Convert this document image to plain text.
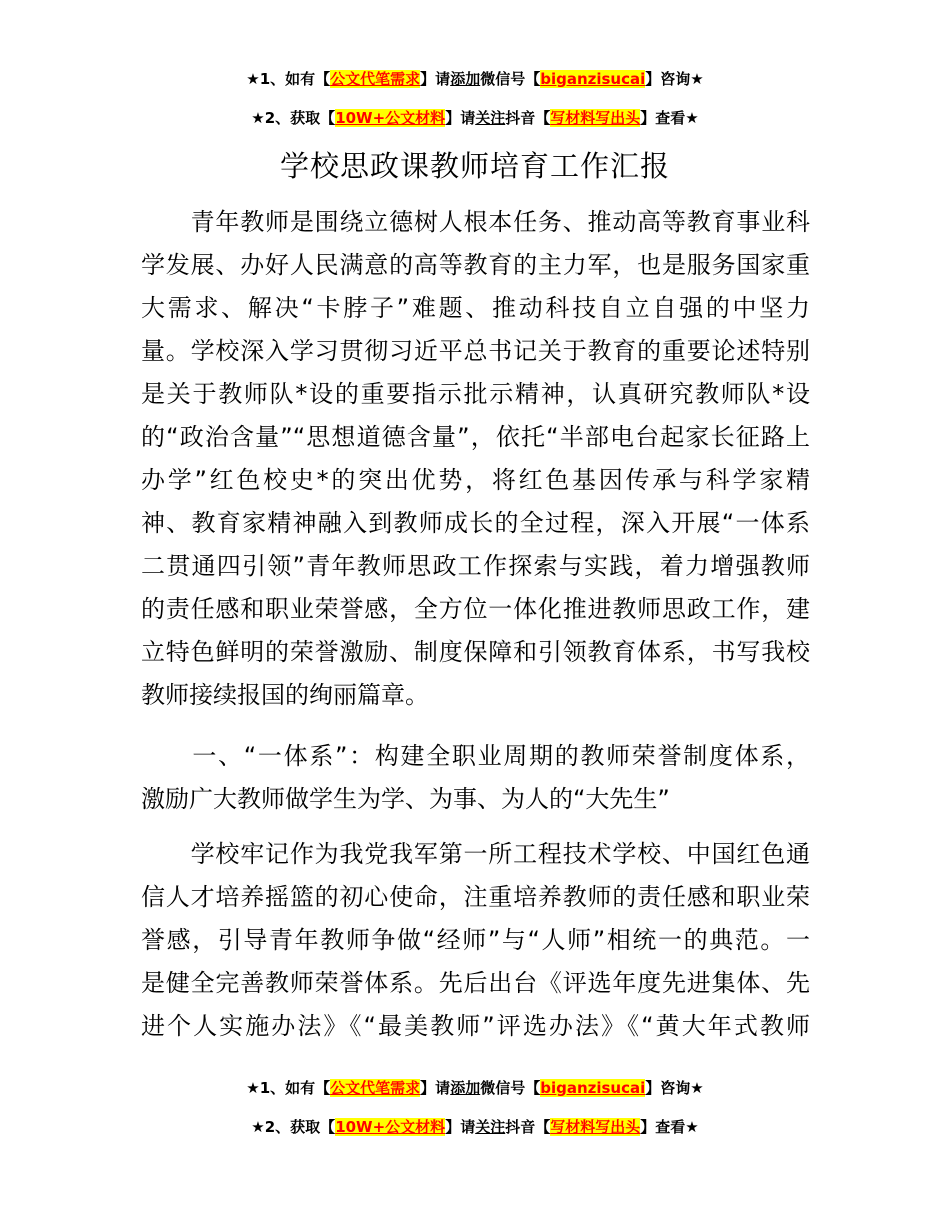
★1、如有【公文代笔需求】请添加微信号【biganzisucai】咨询★
★2、获取【10W+公文材料】请关注抖音【写材料写出头】查看★
学校思政课教师培育工作汇报
　　青年教师是围绕立德树人根本任务、推动高等教育事业科
学发展、办好人民满意的高等教育的主力军，也是服务国家重
大需求、解决“卡脖子”难题、推动科技自立自强的中坚力
量。学校深入学习贯彻习近平总书记关于教育的重要论述特别
是关于教师队*设的重要指示批示精神，认真研究教师队*设
的“政治含量”“思想道德含量”，依托“半部电台起家长征路上
办学”红色校史*的突出优势，将红色基因传承与科学家精
神、教育家精神融入到教师成长的全过程，深入开展“一体系
二贯通四引领”青年教师思政工作探索与实践，着力增强教师
的责任感和职业荣誉感，全方位一体化推进教师思政工作，建
立特色鲜明的荣誉激励、制度保障和引领教育体系，书写我校
教师接续报国的绚丽篇章。
　　一、“一体系”：构建全职业周期的教师荣誉制度体系，
激励广大教师做学生为学、为事、为人的“大先生”
　　学校牢记作为我党我军第一所工程技术学校、中国红色通
信人才培养摇篮的初心使命，注重培养教师的责任感和职业荣
誉感，引导青年教师争做“经师”与“人师”相统一的典范。一
是健全完善教师荣誉体系。先后出台《评选年度先进集体、先
进个人实施办法》《“最美教师”评选办法》《“黄大年式教师
★1、如有【公文代笔需求】请添加微信号【biganzisucai】咨询★
★2、获取【10W+公文材料】请关注抖音【写材料写出头】查看★
